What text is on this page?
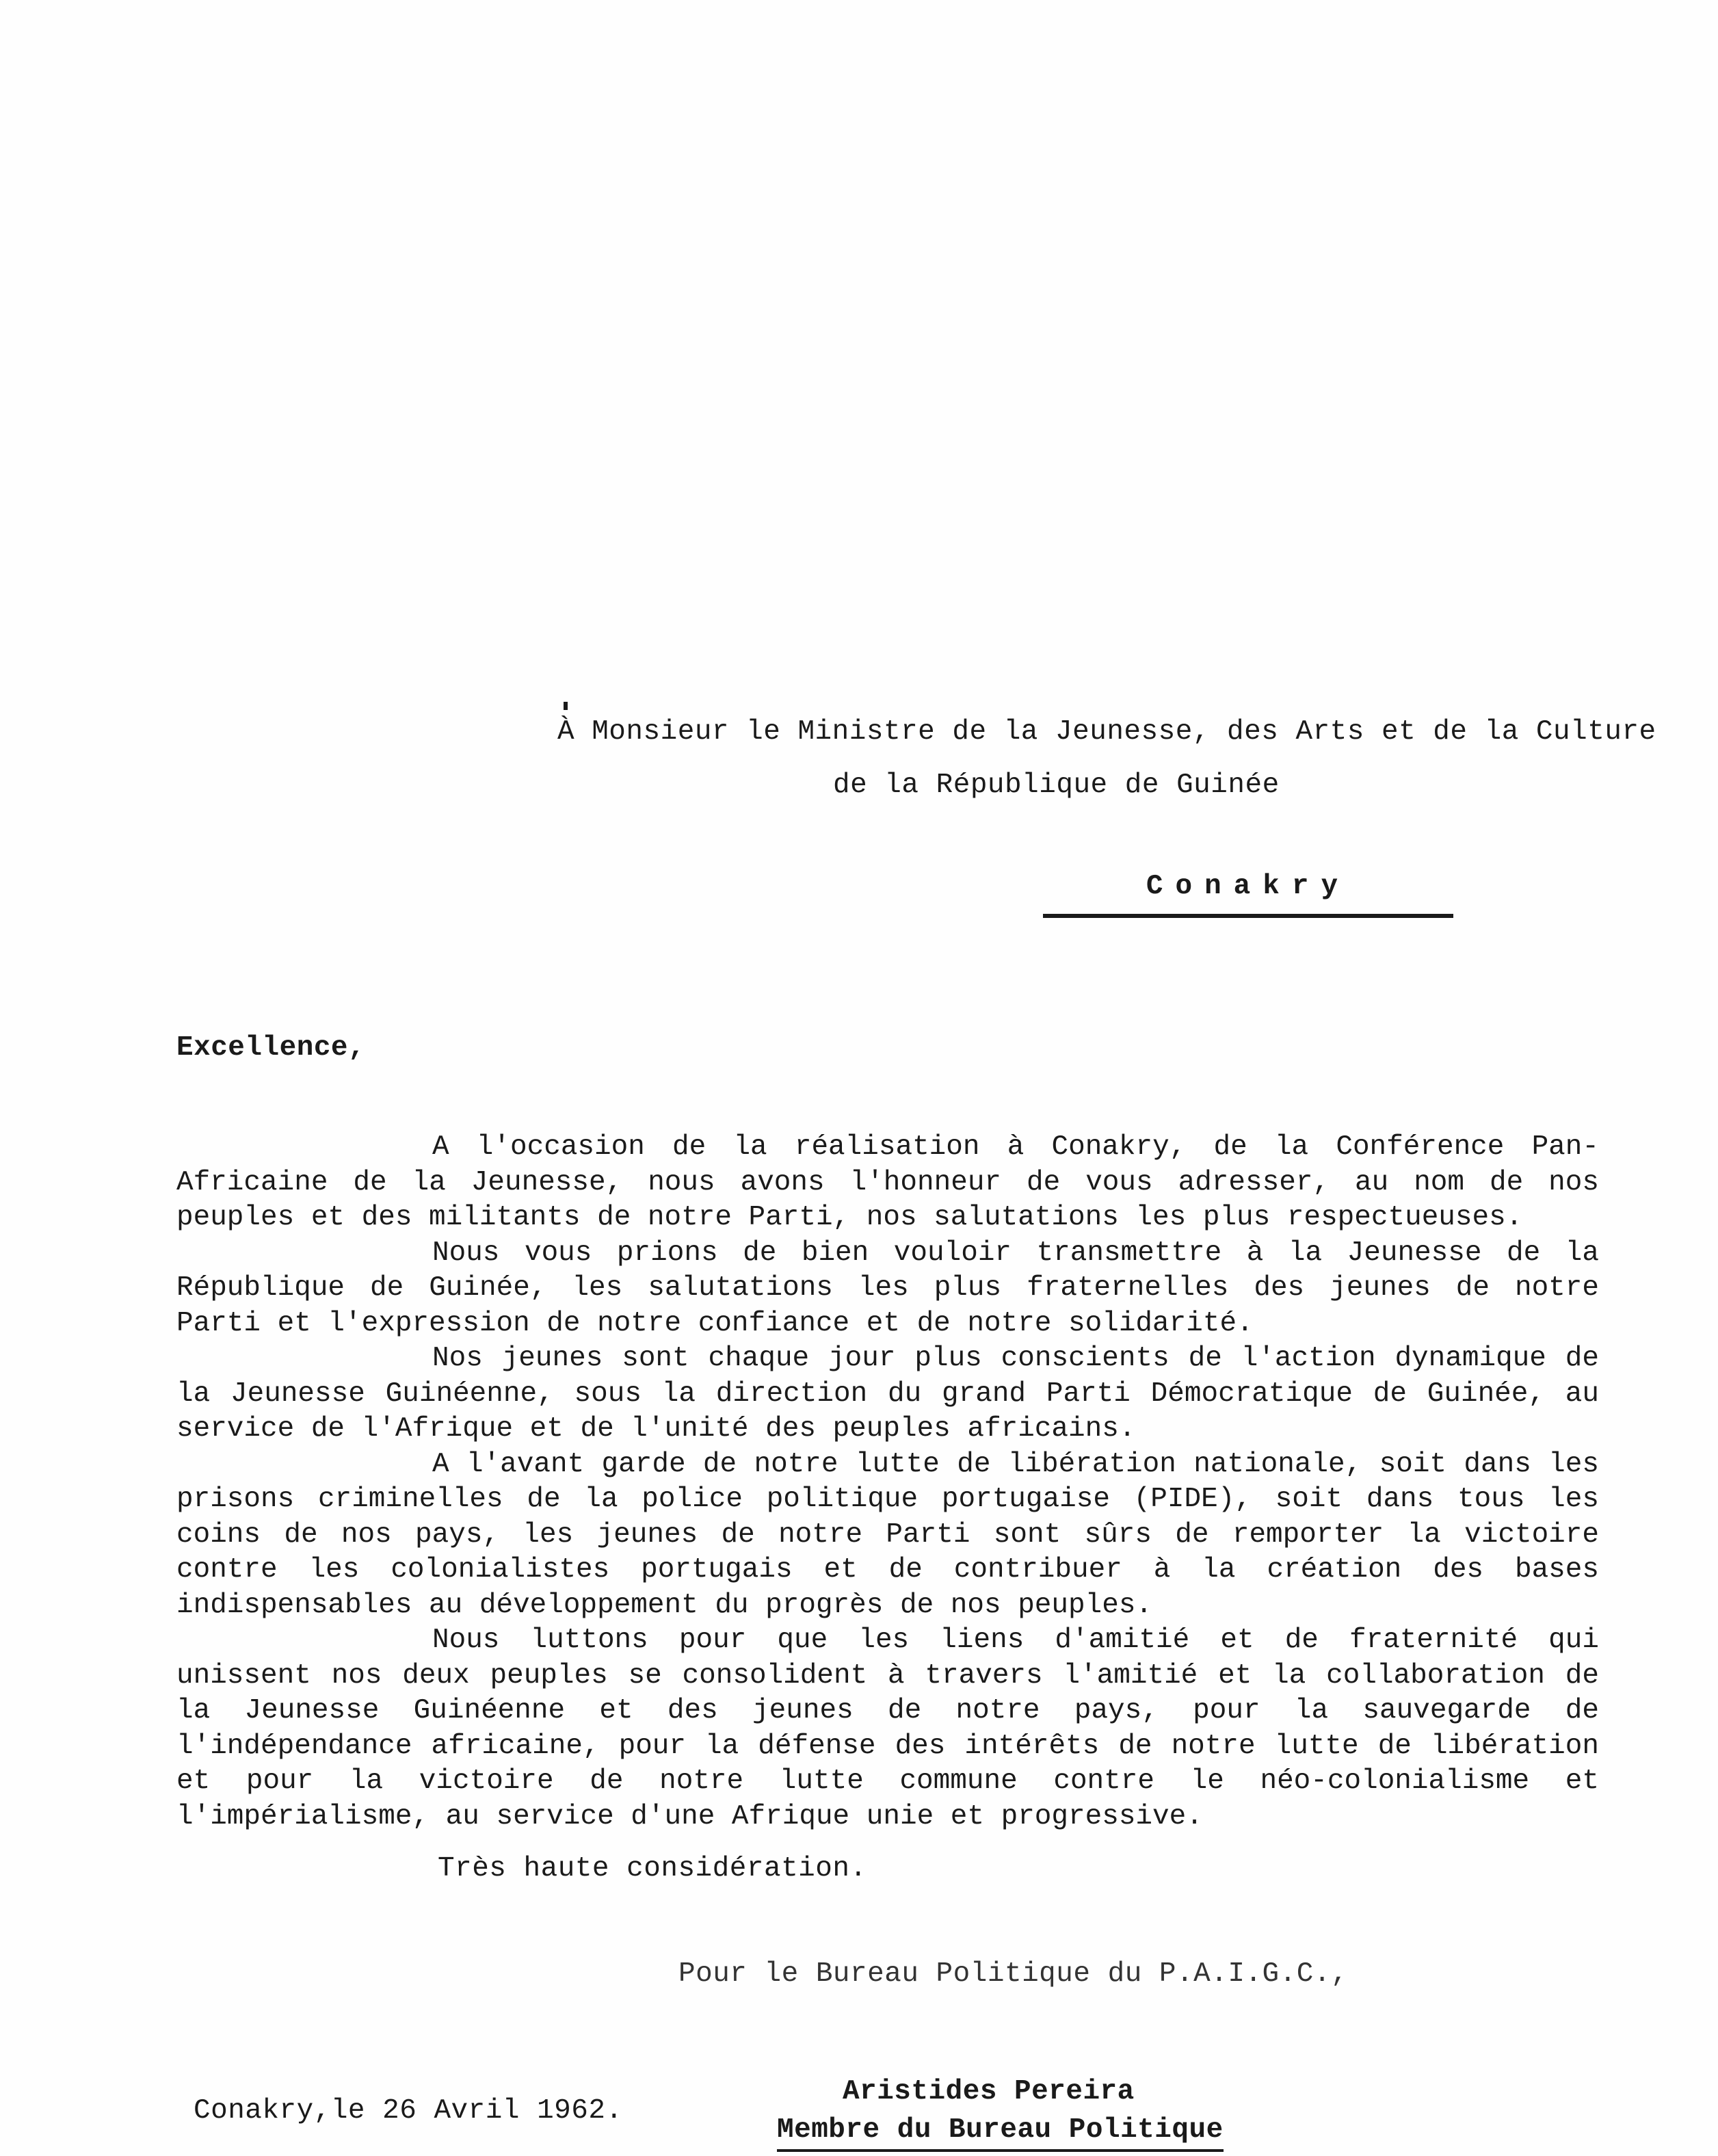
À Monsieur le Ministre de la Jeunesse, des Arts et de la Culture
de la République de Guinée
Conakry
Excellence,

A l'occasion de la réalisation à Conakry, de la Conférence Pan-Africaine de la Jeunesse, nous avons l'honneur de vous adresser, au nom de nos peuples et des militants de notre Parti, nos salutations les plus respectueuses.

Nous vous prions de bien vouloir transmettre à la Jeunesse de la République de Guinée, les salutations les plus fraternelles des jeunes de notre Parti et l'expression de notre confiance et de notre solidarité.

Nos jeunes sont chaque jour plus conscients de l'action dynamique de la Jeunesse Guinéenne, sous la direction du grand Parti Démocratique de Guinée, au service de l'Afrique et de l'unité des peuples africains.

A l'avant garde de notre lutte de libération nationale, soit dans les prisons criminelles de la police politique portugaise (PIDE), soit dans tous les coins de nos pays, les jeunes de notre Parti sont sûrs de remporter la victoire contre les colonialistes portugais et de contribuer à la création des bases indispensables au développement du progrès de nos peuples.

Nous luttons pour que les liens d'amitié et de fraternité qui unissent nos deux peuples se consolident à travers l'amitié et la collaboration de la Jeunesse Guinéenne et des jeunes de notre pays, pour la sauvegarde de l'indépendance africaine, pour la défense des intérêts de notre lutte de libération et pour la victoire de notre lutte commune contre le néo-colonialisme et l'impérialisme, au service d'une Afrique unie et progressive.

Très haute considération.
Pour le Bureau Politique du P.A.I.G.C.,
Conakry,le 26 Avril 1962.
Aristides Pereira
Membre du Bureau Politique
